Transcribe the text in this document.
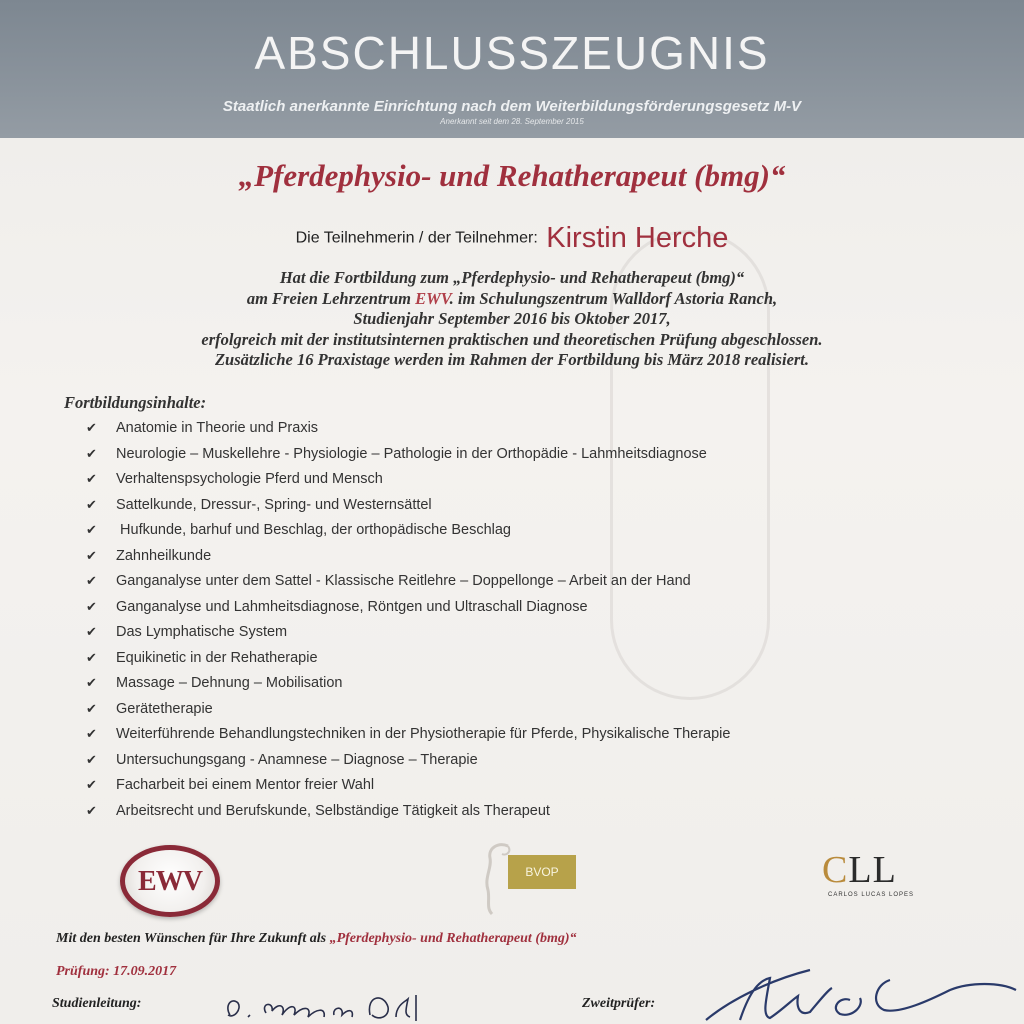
ABSCHLUSSZEUGNIS
Staatlich anerkannte Einrichtung nach dem Weiterbildungsförderungsgesetz M-V
Anerkannt seit dem 28. September 2015
„Pferdephysio- und Rehatherapeut (bmg)“
Die Teilnehmerin / der Teilnehmer: Kirstin Herche
Hat die Fortbildung zum „Pferdephysio- und Rehatherapeut (bmg)“
am Freien Lehrzentrum EWV. im Schulungszentrum Walldorf Astoria Ranch,
Studienjahr September 2016 bis Oktober 2017,
erfolgreich mit der institutsinternen praktischen und theoretischen Prüfung abgeschlossen.
Zusätzliche 16 Praxistage werden im Rahmen der Fortbildung bis März 2018 realisiert.
Fortbildungsinhalte:
✔ Anatomie in Theorie und Praxis
✔ Neurologie – Muskellehre - Physiologie – Pathologie in der Orthopädie - Lahmheitsdiagnose
✔ Verhaltenspsychologie Pferd und Mensch
✔ Sattelkunde, Dressur-, Spring- und Westernsättel
✔ Hufkunde, barhuf und Beschlag, der orthopädische Beschlag
✔ Zahnheilkunde
✔ Ganganalyse unter dem Sattel - Klassische Reitlehre – Doppellonge – Arbeit an der Hand
✔ Ganganalyse und Lahmheitsdiagnose, Röntgen und Ultraschall Diagnose
✔ Das Lymphatische System
✔ Equikinetic in der Rehatherapie
✔ Massage – Dehnung – Mobilisation
✔ Gerätetherapie
✔ Weiterführende Behandlungstechniken in der Physiotherapie für Pferde, Physikalische Therapie
✔ Untersuchungsgang - Anamnese – Diagnose – Therapie
✔ Facharbeit bei einem Mentor freier Wahl
✔ Arbeitsrecht und Berufskunde, Selbständige Tätigkeit als Therapeut
EWV	BVOP	CLL
CARLOS LUCAS LOPES
Mit den besten Wünschen für Ihre Zukunft als „Pferdephysio- und Rehatherapeut (bmg)“
Prüfung: 17.09.2017
Studienleitung:	Zweitprüfer:
